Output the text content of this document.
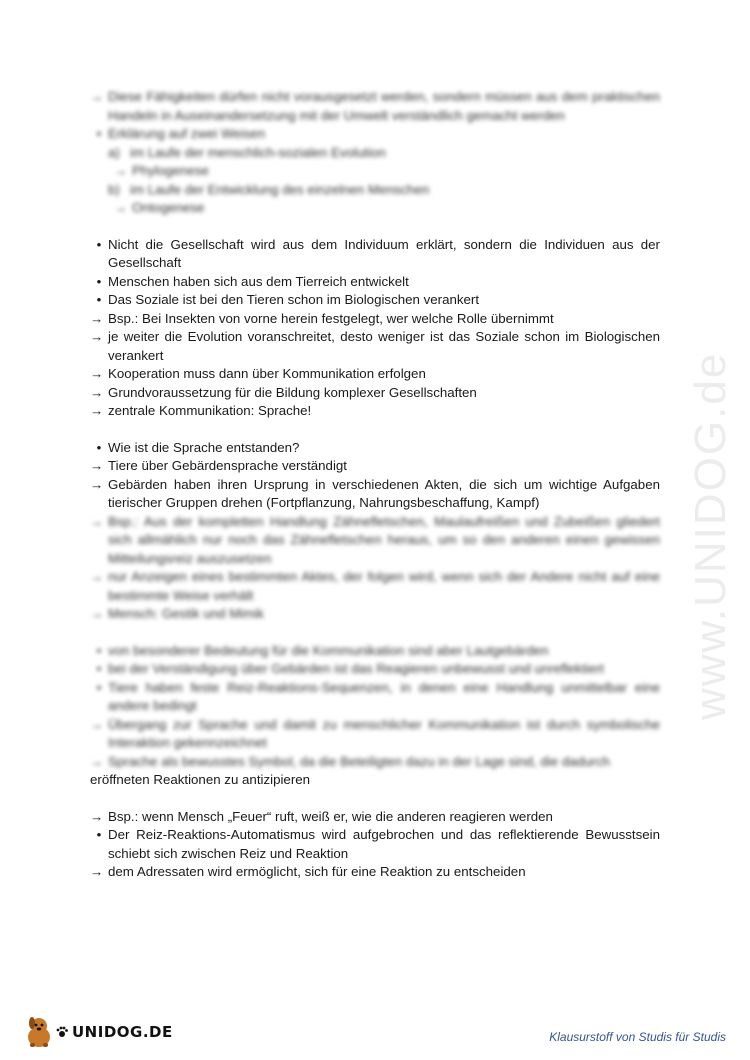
→ Diese Fähigkeiten dürfen nicht vorausgesetzt werden, sondern müssen aus dem praktischen Handeln in Auseinandersetzung mit der Umwelt verständlich gemacht werden
• Erklärung auf zwei Weisen
a) im Laufe der menschlich-sozialen Evolution
→ Phylogenese
b) im Laufe der Entwicklung des einzelnen Menschen
→ Ontogenese
• Nicht die Gesellschaft wird aus dem Individuum erklärt, sondern die Individuen aus der Gesellschaft
• Menschen haben sich aus dem Tierreich entwickelt
• Das Soziale ist bei den Tieren schon im Biologischen verankert
→ Bsp.: Bei Insekten von vorne herein festgelegt, wer welche Rolle übernimmt
→ je weiter die Evolution voranschreitet, desto weniger ist das Soziale schon im Biologischen verankert
→ Kooperation muss dann über Kommunikation erfolgen
→ Grundvoraussetzung für die Bildung komplexer Gesellschaften
→ zentrale Kommunikation: Sprache!
• Wie ist die Sprache entstanden?
→ Tiere über Gebärdensprache verständigt
→ Gebärden haben ihren Ursprung in verschiedenen Akten, die sich um wichtige Aufgaben tierischer Gruppen drehen (Fortpflanzung, Nahrungsbeschaffung, Kampf)
→ Bsp.: Aus der kompletten Handlung Zähnefletschen, Maulaufreißen und Zubeißen gliedert sich allmählich nur noch das Zähnefletschen heraus, um so den anderen einen gewissen Mitteilungsreiz auszusetzen
→ nur Anzeigen eines bestimmten Aktes, der folgen wird, wenn sich der Andere nicht auf eine bestimmte Weise verhält
→ Mensch: Gestik und Mimik
• von besonderer Bedeutung für die Kommunikation sind aber Lautgebärden
• bei der Verständigung über Gebärden ist das Reagieren unbewusst und unreflektiert
• Tiere haben feste Reiz-Reaktions-Sequenzen, in denen eine Handlung unmittelbar eine andere bedingt
→ Übergang zur Sprache und damit zu menschlicher Kommunikation ist durch symbolische Interaktion gekennzeichnet
→ Sprache als bewusstes Symbol, da die Beteiligten dazu in der Lage sind, die dadurch
eröffneten Reaktionen zu antizipieren
→ Bsp.: wenn Mensch „Feuer“ ruft, weiß er, wie die anderen reagieren werden
• Der Reiz-Reaktions-Automatismus wird aufgebrochen und das reflektierende Bewusstsein schiebt sich zwischen Reiz und Reaktion
→ dem Adressaten wird ermöglicht, sich für eine Reaktion zu entscheiden
www.UNIDOG.de
UNIDOG.DE	Klausurstoff von Studis für Studis
